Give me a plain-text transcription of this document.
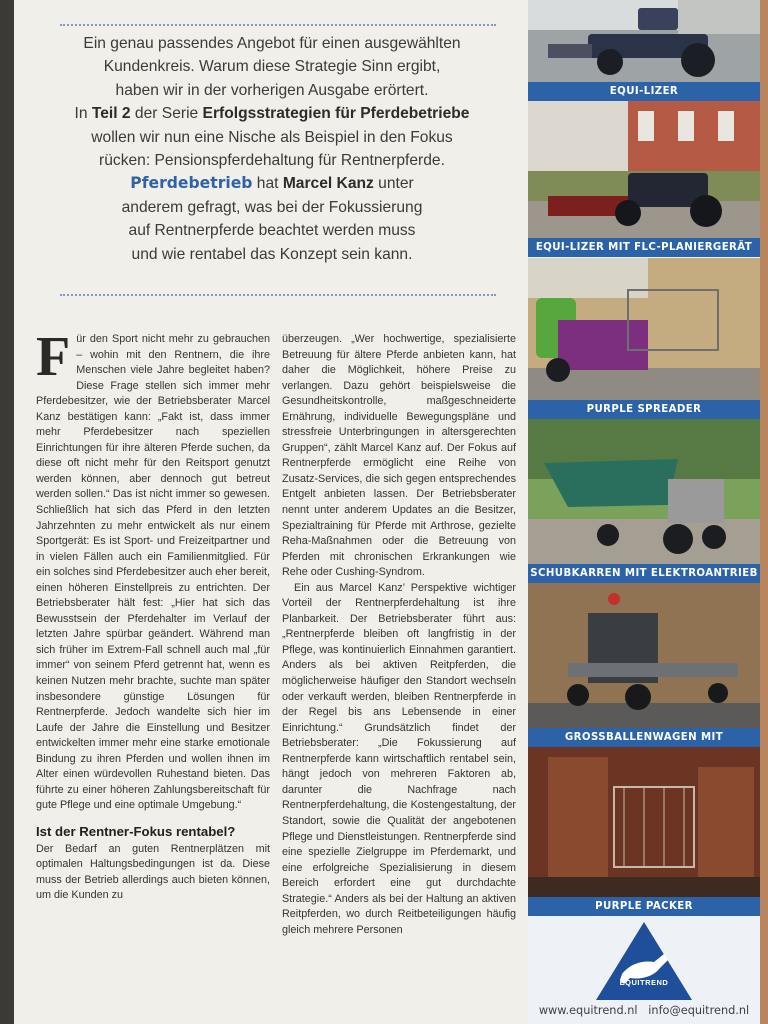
Ein genau passendes Angebot für einen ausgewählten
Kundenkreis. Warum diese Strategie Sinn ergibt,
haben wir in der vorherigen Ausgabe erörtert.
In Teil 2 der Serie Erfolgsstrategien für Pferdebetriebe
wollen wir nun eine Nische als Beispiel in den Fokus
rücken: Pensionspferdehaltung für Rentnerpferde.
Pferdebetrieb hat Marcel Kanz unter
anderem gefragt, was bei der Fokussierung
auf Rentnerpferde beachtet werden muss
und wie rentabel das Konzept sein kann.

Für den Sport nicht mehr zu gebrauchen – wohin mit den Rentnern, die ihre Menschen viele Jahre begleitet haben? Diese Frage stellen sich immer mehr Pferdebesitzer, wie der Betriebsberater Marcel Kanz bestätigen kann: „Fakt ist, dass immer mehr Pferdebesitzer nach speziellen Einrichtungen für ihre älteren Pferde suchen, da diese oft nicht mehr für den Reitsport genutzt werden können, aber dennoch gut betreut werden sollen.“ Das ist nicht immer so gewesen. Schließlich hat sich das Pferd in den letzten Jahrzehnten zu mehr entwickelt als nur einem Sportgerät: Es ist Sport- und Freizeitpartner und in vielen Fällen auch ein Familienmitglied. Für ein solches sind Pferdebesitzer auch eher bereit, einen höheren Einstellpreis zu entrichten. Der Betriebsberater hält fest: „Hier hat sich das Bewusstsein der Pferdehalter im Verlauf der letzten Jahre spürbar geändert. Während man sich früher im Extrem-Fall schnell auch mal „für immer“ von seinem Pferd getrennt hat, wenn es keinen Nutzen mehr brachte, suchte man später insbesondere günstige Lösungen für Rentnerpferde. Jedoch wandelte sich hier im Laufe der Jahre die Einstellung und Besitzer entwickelten immer mehr eine starke emotionale Bindung zu ihren Pferden und wollen ihnen im Alter einen würdevollen Ruhestand bieten. Das führte zu einer höheren Zahlungsbereitschaft für gute Pflege und eine optimale Umgebung.“

Ist der Rentner-Fokus rentabel?

Der Bedarf an guten Rentnerplätzen mit optimalen Haltungsbedingungen ist da. Diese muss der Betrieb allerdings auch bieten können, um die Kunden zu

überzeugen. „Wer hochwertige, spezialisierte Betreuung für ältere Pferde anbieten kann, hat daher die Möglichkeit, höhere Preise zu verlangen. Dazu gehört beispielsweise die Gesundheitskontrolle, maßgeschneiderte Ernährung, individuelle Bewegungspläne und stressfreie Unterbringungen in altersgerechten Gruppen“, zählt Marcel Kanz auf. Der Fokus auf Rentnerpferde ermöglicht eine Reihe von Zusatz-Services, die sich gegen entsprechendes Entgelt anbieten lassen. Der Betriebsberater nennt unter anderem Updates an die Besitzer, Spezialtraining für Pferde mit Arthrose, gezielte Reha-Maßnahmen oder die Betreuung von Pferden mit chronischen Erkrankungen wie Rehe oder Cushing-Syndrom.

Ein aus Marcel Kanz’ Perspektive wichtiger Vorteil der Rentnerpferdehaltung ist ihre Planbarkeit. Der Betriebsberater führt aus: „Rentnerpferde bleiben oft langfristig in der Pflege, was kontinuierlich Einnahmen garantiert. Anders als bei aktiven Reitpferden, die möglicherweise häufiger den Standort wechseln oder verkauft werden, bleiben Rentnerpferde in der Regel bis ans Lebensende in einer Einrichtung.“ Grundsätzlich findet der Betriebsberater: „Die Fokussierung auf Rentnerpferde kann wirtschaftlich rentabel sein, hängt jedoch von mehreren Faktoren ab, darunter die Nachfrage nach Rentnerpferdehaltung, die Kostengestaltung, der Standort, sowie die Qualität der angebotenen Pflege und Dienstleistungen. Rentnerpferde sind eine spezielle Zielgruppe im Pferdemarkt, und eine erfolgreiche Spezialisierung in diesem Bereich erfordert eine gut durchdachte Strategie.“ Anders als bei der Haltung an aktiven Reitpferden, wo durch Reitbeteiligungen häufig gleich mehrere Personen

EQUI-LIZER
EQUI-LIZER MIT FLC-PLANIERGERÄT
PURPLE SPREADER
SCHUBKARREN MIT ELEKTROANTRIEB
GROSSBALLENWAGEN MIT
PURPLE PACKER
EQUITREND
www.equitrend.nl info@equitrend.nl
